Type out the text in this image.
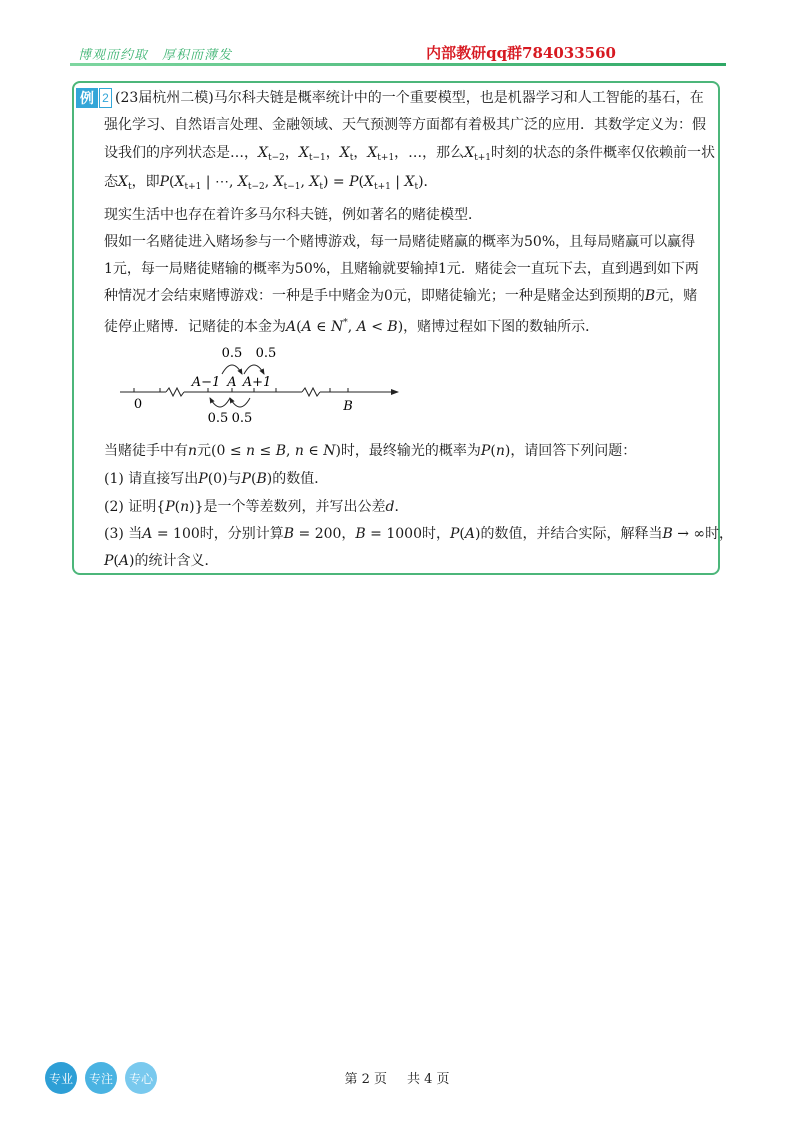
博观而约取 厚积而薄发	内部教研qq群784033560
例 2 (23届杭州二模)马尔科夫链是概率统计中的一个重要模型，也是机器学习和人工智能的基石，在
强化学习、自然语言处理、金融领域、天气预测等方面都有着极其广泛的应用．其数学定义为：假
设我们的序列状态是…，$X_{t-2}$，$X_{t-1}$，$X_t$，$X_{t+1}$，…，那么$X_{t+1}$时刻的状态的条件概率仅依赖前一状
态$X_t$，即$P(X_{t+1}$ | ⋯, $X_{t-2}$, $X_{t-1}$, $X_t) = P(X_{t+1}$ | $X_t$)．
现实生活中也存在着许多马尔科夫链，例如著名的赌徒模型．
假如一名赌徒进入赌场参与一个赌博游戏，每一局赌徒赌赢的概率为50%，且每局赌赢可以赢得
1元，每一局赌徒赌输的概率为50%，且赌输就要输掉1元．赌徒会一直玩下去，直到遇到如下两
种情况才会结束赌博游戏：一种是手中赌金为0元，即赌徒输光；一种是赌金达到预期的B元，赌
徒停止赌博．记赌徒的本金为A(A ∈ N*, A < B)，赌博过程如下图的数轴所示．
0.5 0.5
A−1 A A+1
0	B
0.5 0.5
当赌徒手中有n元(0 ≤ n ≤ B, n ∈ N)时，最终输光的概率为P(n)，请回答下列问题：
(1) 请直接写出P(0)与P(B)的数值．
(2) 证明{P(n)}是一个等差数列，并写出公差d．
(3) 当A = 100时，分别计算B = 200，B = 1000时，P(A)的数值，并结合实际，解释当B → ∞时，
P(A)的统计含义．
专业 专注 专心	第 2 页 共 4 页
